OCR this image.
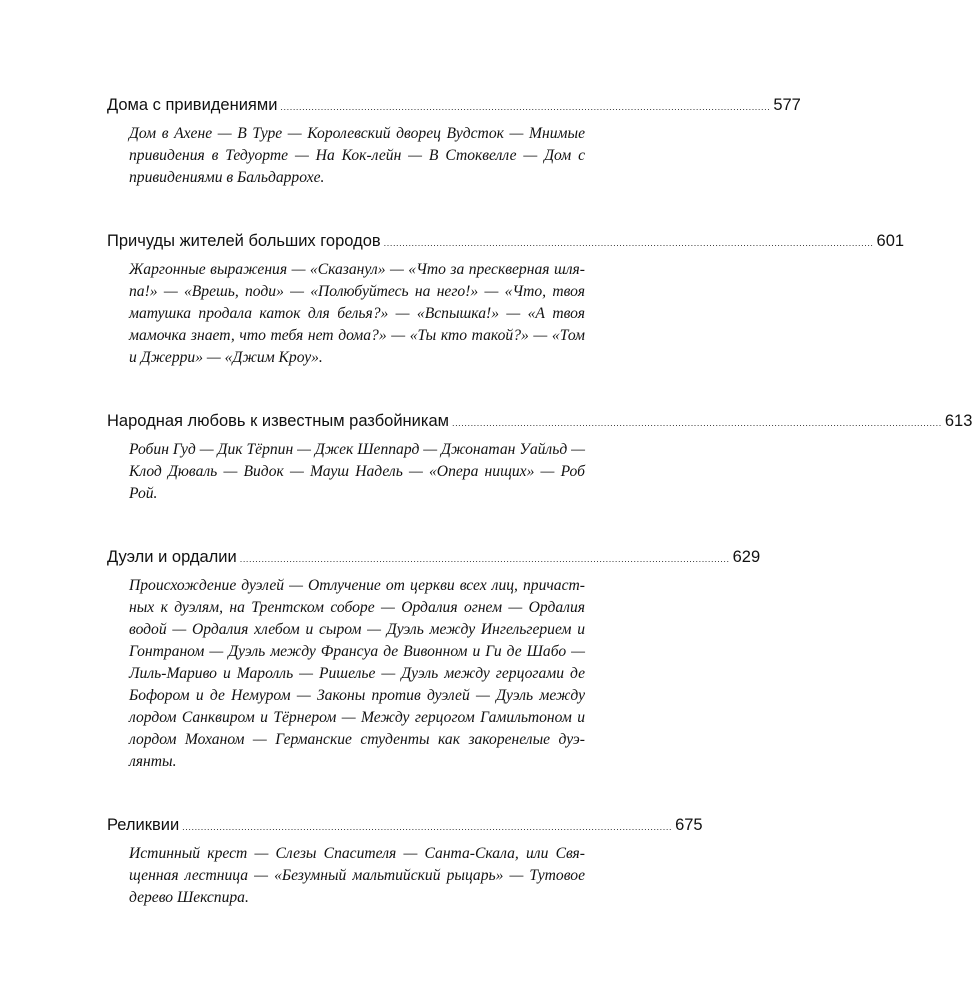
Дома с привидениями .............................................................................................................................................................. 577
Дом в Ахене — В Туре — Королевский дворец Вудсток — Мнимые привидения в Тедуорте — На Кок-лейн — В Стоквелле — Дом с привидениями в Бальдаррохе.
Причуды жителей больших городов .............................................................................................................................................................. 601
Жаргонные выражения — «Сказанул» — «Что за прескверная шляпа!» — «Врешь, поди» — «Полюбуйтесь на него!» — «Что, твоя матушка продала каток для белья?» — «Вспышка!» — «А твоя мамочка знает, что тебя нет дома?» — «Ты кто такой?» — «Том и Джерри» — «Джим Кроу».
Народная любовь к известным разбойникам .............................................................................................................................................................. 613
Робин Гуд — Дик Тёрпин — Джек Шеппард — Джонатан Уайльд — Клод Дюваль — Видок — Мауш Надель — «Опера нищих» — Роб Рой.
Дуэли и ордалии .............................................................................................................................................................. 629
Происхождение дуэлей — Отлучение от церкви всех лиц, причастных к дуэлям, на Трентском соборе — Ордалия огнем — Ордалия водой — Ордалия хлебом и сыром — Дуэль между Ингельгерием и Гонтраном — Дуэль между Франсуа де Вивонном и Ги де Шабо — Лиль-Мариво и Маролль — Ришелье — Дуэль между герцогами де Бофором и де Немуром — Законы против дуэлей — Дуэль между лордом Санквиром и Тёрнером — Между герцогом Гамильтоном и лордом Моханом — Германские студенты как закоренелые дуэлянты.
Реликвии .............................................................................................................................................................. 675
Истинный крест — Слезы Спасителя — Санта-Скала, или Священная лестница — «Безумный мальтийский рыцарь» — Тутовое дерево Шекспира.
